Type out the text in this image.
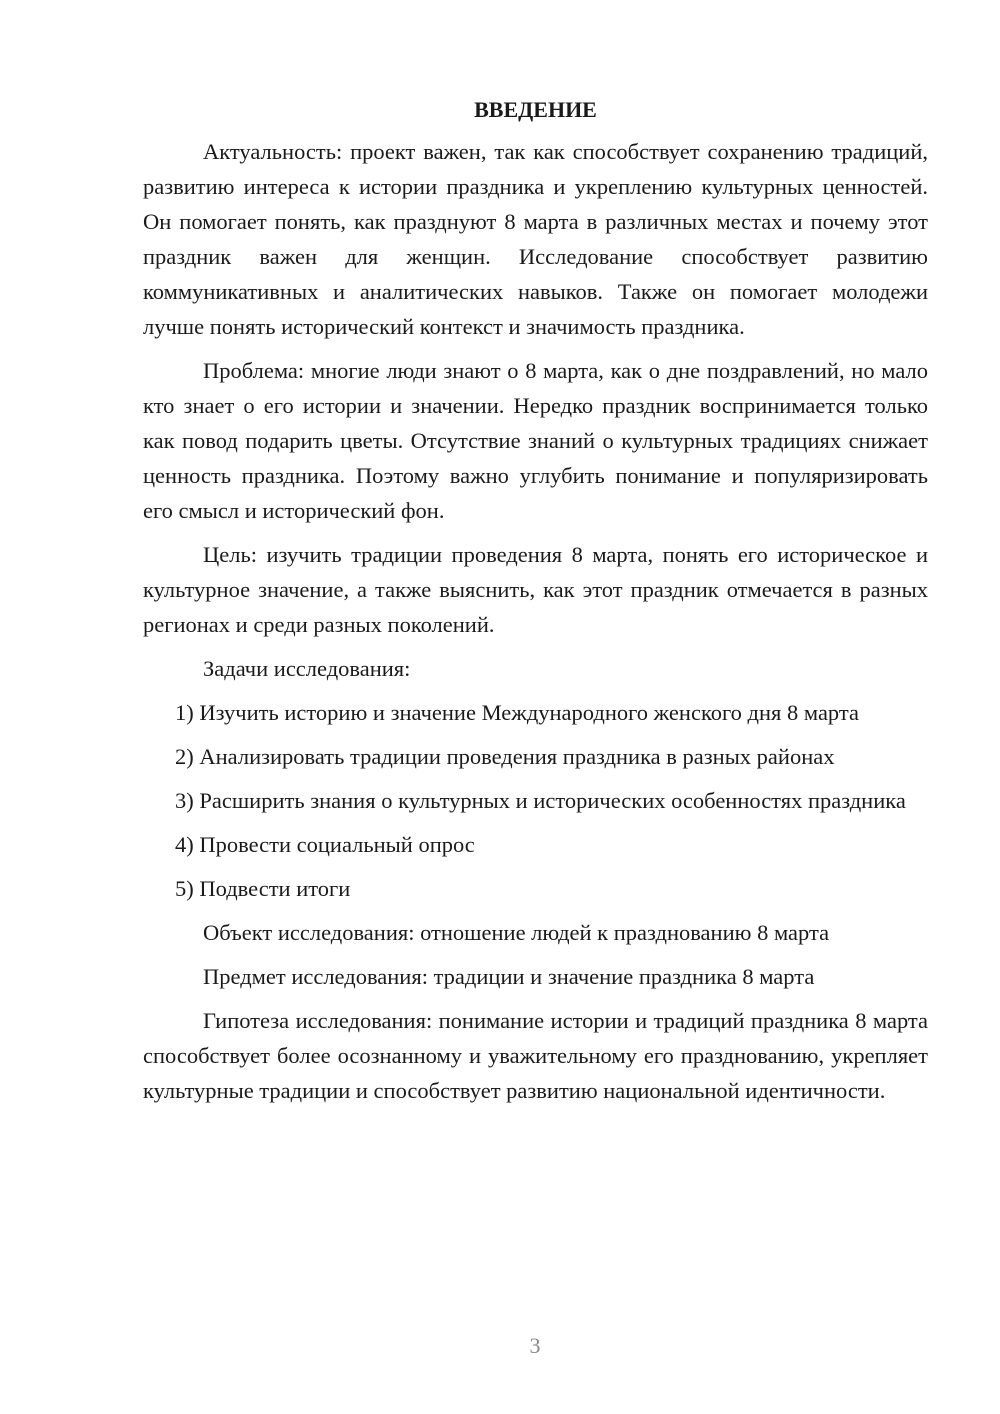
ВВЕДЕНИЕ

Актуальность: проект важен, так как способствует сохранению традиций, развитию интереса к истории праздника и укреплению культурных ценностей. Он помогает понять, как празднуют 8 марта в различных местах и почему этот праздник важен для женщин. Исследование способствует развитию коммуникативных и аналитических навыков. Также он помогает молодежи лучше понять исторический контекст и значимость праздника.

Проблема: многие люди знают о 8 марта, как о дне поздравлений, но мало кто знает о его истории и значении. Нередко праздник воспринимается только как повод подарить цветы. Отсутствие знаний о культурных традициях снижает ценность праздника. Поэтому важно углубить понимание и популяризировать его смысл и исторический фон.

Цель: изучить традиции проведения 8 марта, понять его историческое и культурное значение, а также выяснить, как этот праздник отмечается в разных регионах и среди разных поколений.

Задачи исследования:

1) Изучить историю и значение Международного женского дня 8 марта

2) Анализировать традиции проведения праздника в разных районах

3) Расширить знания о культурных и исторических особенностях праздника

4) Провести социальный опрос

5) Подвести итоги

Объект исследования: отношение людей к празднованию 8 марта

Предмет исследования: традиции и значение праздника 8 марта

Гипотеза исследования: понимание истории и традиций праздника 8 марта способствует более осознанному и уважительному его празднованию, укрепляет культурные традиции и способствует развитию национальной идентичности.

3
